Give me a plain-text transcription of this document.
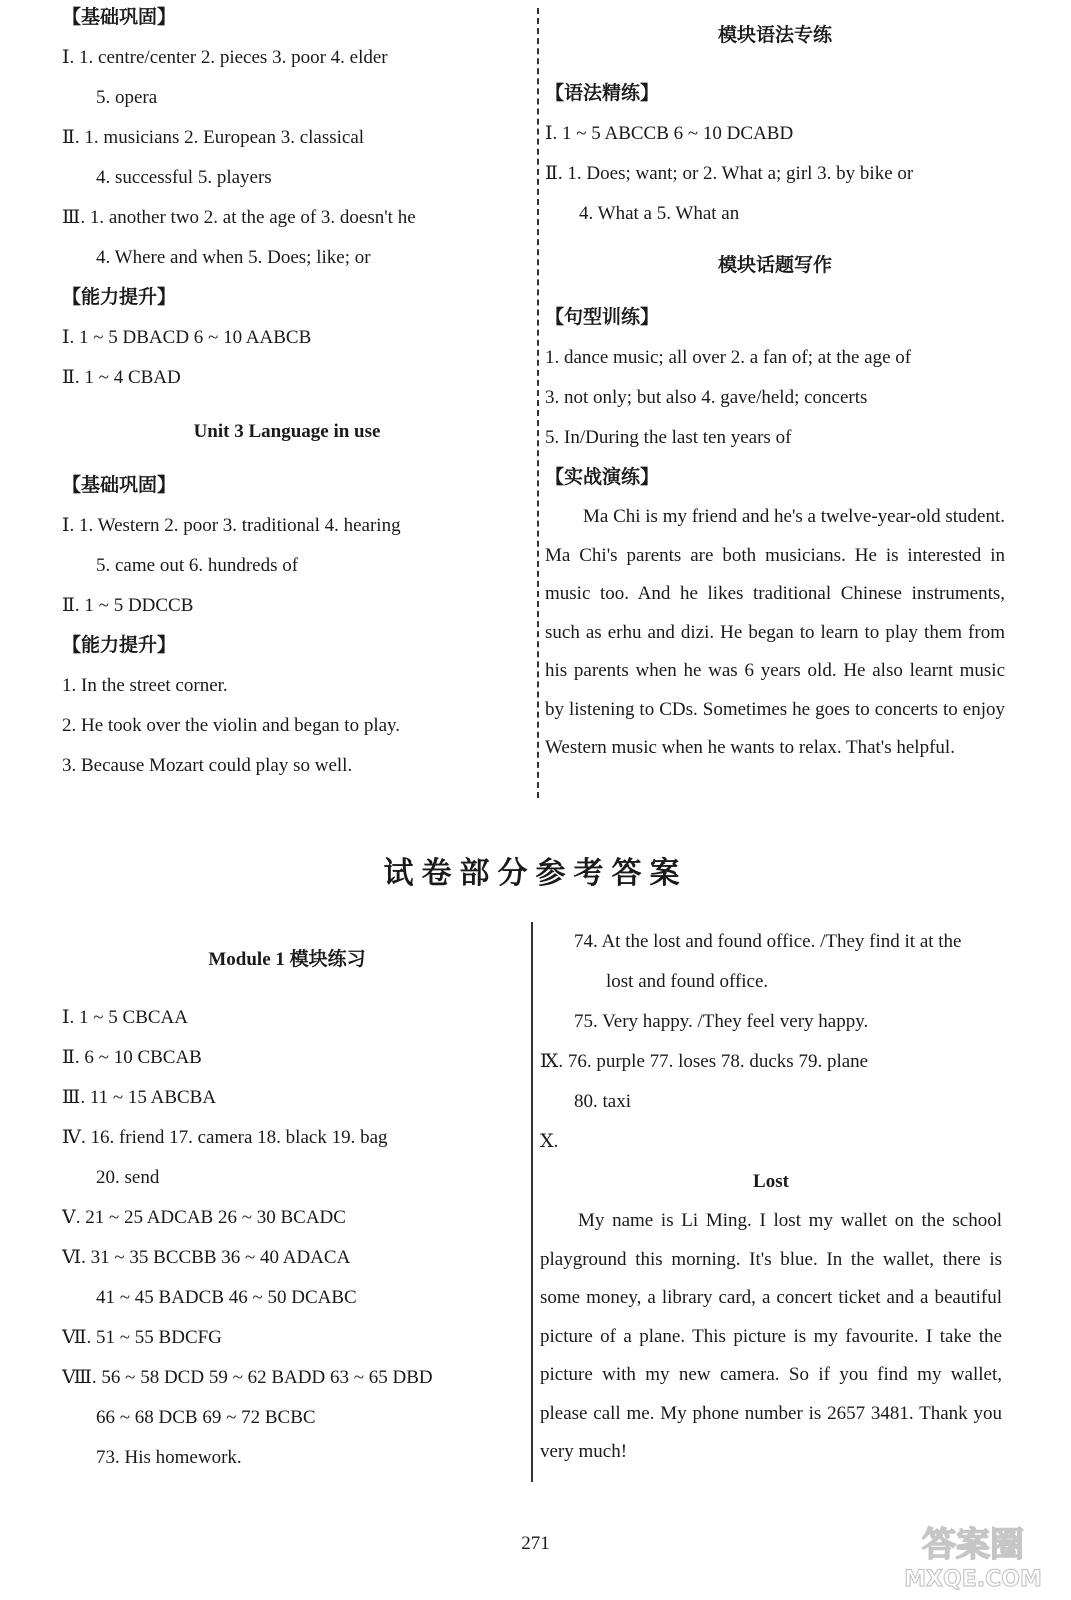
【基础巩固】
Ⅰ. 1. centre/center 2. pieces 3. poor 4. elder
5. opera
Ⅱ. 1. musicians 2. European 3. classical
4. successful 5. players
Ⅲ. 1. another two 2. at the age of 3. doesn't he
4. Where and when 5. Does; like; or
【能力提升】
Ⅰ. 1 ~ 5 DBACD 6 ~ 10 AABCB
Ⅱ. 1 ~ 4 CBAD
Unit 3 Language in use
【基础巩固】
Ⅰ. 1. Western 2. poor 3. traditional 4. hearing
5. came out 6. hundreds of
Ⅱ. 1 ~ 5 DDCCB
【能力提升】
1. In the street corner.
2. He took over the violin and began to play.
3. Because Mozart could play so well.
模块语法专练
【语法精练】
Ⅰ. 1 ~ 5 ABCCB 6 ~ 10 DCABD
Ⅱ. 1. Does; want; or 2. What a; girl 3. by bike or
4. What a 5. What an
模块话题写作
【句型训练】
1. dance music; all over 2. a fan of; at the age of
3. not only; but also 4. gave/held; concerts
5. In/During the last ten years of
【实战演练】
Ma Chi is my friend and he's a twelve-year-old student. Ma Chi's parents are both musicians. He is interested in music too. And he likes traditional Chinese instruments, such as erhu and dizi. He began to learn to play them from his parents when he was 6 years old. He also learnt music by listening to CDs. Sometimes he goes to concerts to enjoy Western music when he wants to relax. That's helpful.
试卷部分参考答案
Module 1 模块练习
Ⅰ. 1 ~ 5 CBCAA
Ⅱ. 6 ~ 10 CBCAB
Ⅲ. 11 ~ 15 ABCBA
Ⅳ. 16. friend 17. camera 18. black 19. bag
20. send
Ⅴ. 21 ~ 25 ADCAB 26 ~ 30 BCADC
Ⅵ. 31 ~ 35 BCCBB 36 ~ 40 ADACA
41 ~ 45 BADCB 46 ~ 50 DCABC
Ⅶ. 51 ~ 55 BDCFG
Ⅷ. 56 ~ 58 DCD 59 ~ 62 BADD 63 ~ 65 DBD
66 ~ 68 DCB 69 ~ 72 BCBC
73. His homework.
74. At the lost and found office. /They find it at the
lost and found office.
75. Very happy. /They feel very happy.
Ⅸ. 76. purple 77. loses 78. ducks 79. plane
80. taxi
Ⅹ.
Lost
My name is Li Ming. I lost my wallet on the school playground this morning. It's blue. In the wallet, there is some money, a library card, a concert ticket and a beautiful picture of a plane. This picture is my favourite. I take the picture with my new camera. So if you find my wallet, please call me. My phone number is 2657 3481. Thank you very much!
271	答案圈
MXQE.COM
